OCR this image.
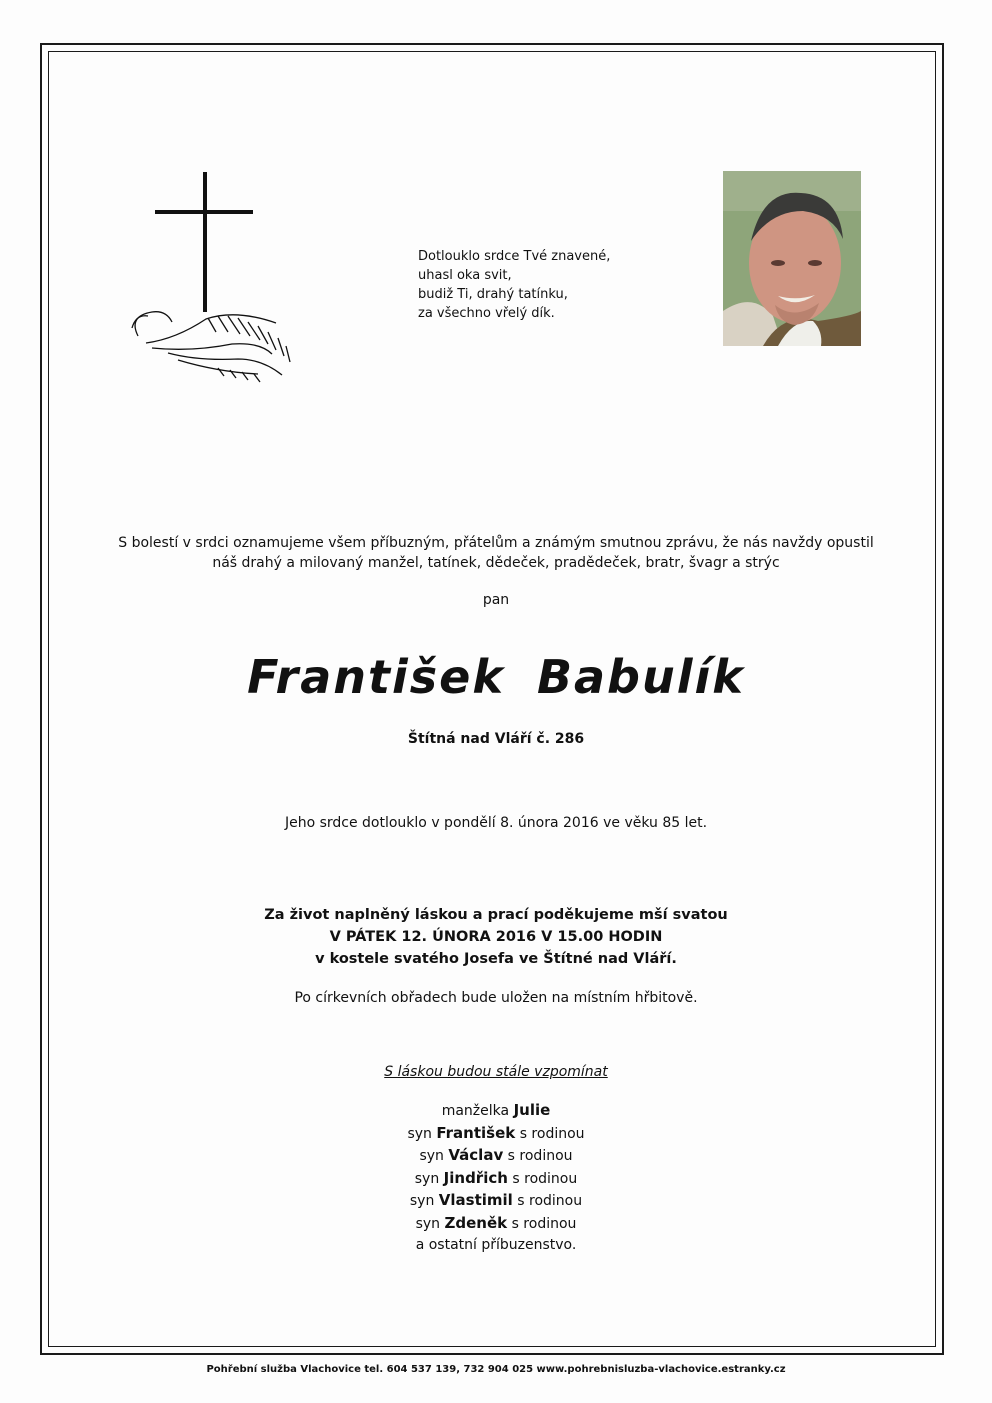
Dotlouklo srdce Tvé znavené,
uhasl oka svit,
budiž Ti, drahý tatínku,
za všechno vřelý dík.
S bolestí v srdci oznamujeme všem příbuzným, přátelům a známým smutnou zprávu, že nás navždy opustil
náš drahý a milovaný manžel, tatínek, dědeček, pradědeček, bratr, švagr a strýc
pan
František Babulík
Štítná nad Vláří č. 286
Jeho srdce dotlouklo v pondělí 8. února 2016 ve věku 85 let.
Za život naplněný láskou a prací poděkujeme mší svatou
V PÁTEK 12. ÚNORA 2016 V 15.00 HODIN
v kostele svatého Josefa ve Štítné nad Vláří.
Po církevních obřadech bude uložen na místním hřbitově.
S láskou budou stále vzpomínat
manželka Julie
syn František s rodinou
syn Václav s rodinou
syn Jindřich s rodinou
syn Vlastimil s rodinou
syn Zdeněk s rodinou
a ostatní příbuzenstvo.
Pohřební služba Vlachovice tel. 604 537 139, 732 904 025 www.pohrebnisluzba-vlachovice.estranky.cz
